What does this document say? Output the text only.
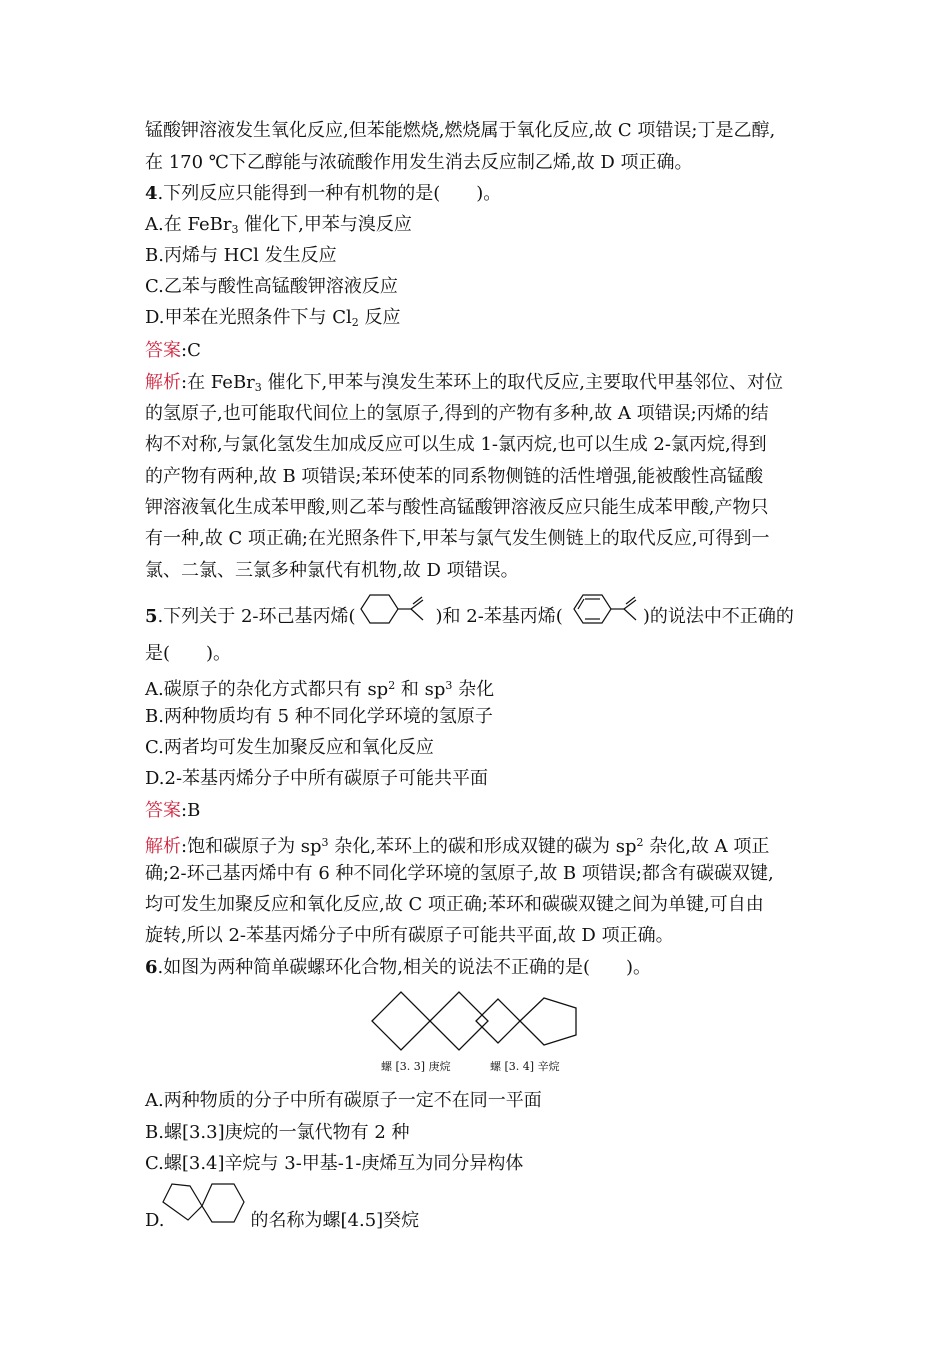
锰酸钾溶液发生氧化反应,但苯能燃烧,燃烧属于氧化反应,故 C 项错误;丁是乙醇,
在 170 ℃下乙醇能与浓硫酸作用发生消去反应制乙烯,故 D 项正确。
4.下列反应只能得到一种有机物的是(　　)。
A.在 FeBr$_3$ 催化下,甲苯与溴反应
B.丙烯与 HCl 发生反应
C.乙苯与酸性高锰酸钾溶液反应
D.甲苯在光照条件下与 $Cl_2$ 反应
答案:C
解析:在 FeBr$_3$ 催化下,甲苯与溴发生苯环上的取代反应,主要取代甲基邻位、对位
的氢原子,也可能取代间位上的氢原子,得到的产物有多种,故 A 项错误;丙烯的结
构不对称,与氯化氢发生加成反应可以生成 1-氯丙烷,也可以生成 2-氯丙烷,得到
的产物有两种,故 B 项错误;苯环使苯的同系物侧链的活性增强,能被酸性高锰酸
钾溶液氧化生成苯甲酸,则乙苯与酸性高锰酸钾溶液反应只能生成苯甲酸,产物只
有一种,故 C 项正确;在光照条件下,甲苯与氯气发生侧链上的取代反应,可得到一
氯、二氯、三氯多种氯代有机物,故 D 项错误。
5.下列关于 2-环己基丙烯(	)和 2-苯基丙烯(	)的说法中不正确的
是(　　)。
A.碳原子的杂化方式都只有 $sp^2$ 和 $sp^3$ 杂化
B.两种物质均有 5 种不同化学环境的氢原子
C.两者均可发生加聚反应和氧化反应
D.2-苯基丙烯分子中所有碳原子可能共平面
答案:B
解析:饱和碳原子为 $sp^3$ 杂化,苯环上的碳和形成双键的碳为 $sp^2$ 杂化,故 A 项正
确;2-环己基丙烯中有 6 种不同化学环境的氢原子,故 B 项错误;都含有碳碳双键,
均可发生加聚反应和氧化反应,故 C 项正确;苯环和碳碳双键之间为单键,可自由
旋转,所以 2-苯基丙烯分子中所有碳原子可能共平面,故 D 项正确。
6.如图为两种简单碳螺环化合物,相关的说法不正确的是(　　)。
螺 [3. 3] 庚烷	螺 [3. 4] 辛烷
A.两种物质的分子中所有碳原子一定不在同一平面
B.螺[3.3]庚烷的一氯代物有 2 种
C.螺[3.4]辛烷与 3-甲基-1-庚烯互为同分异构体
D.	的名称为螺[4.5]癸烷
